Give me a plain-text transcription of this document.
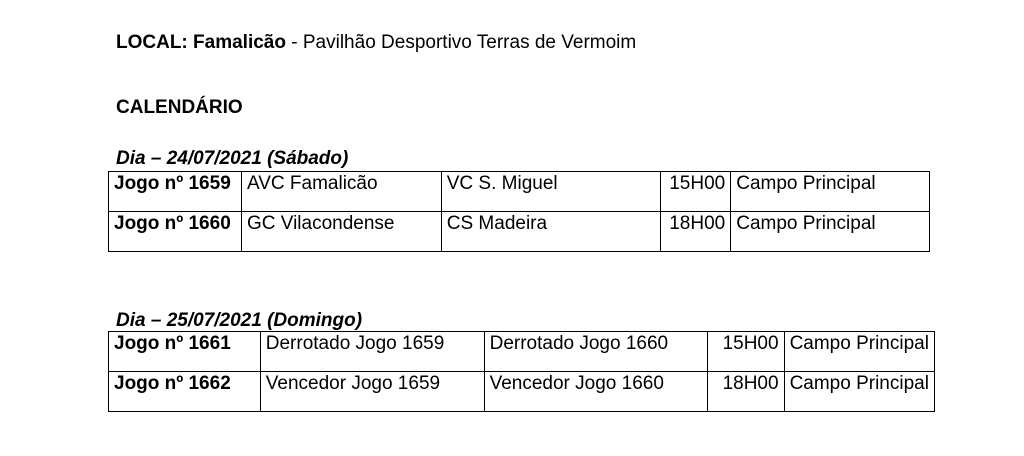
LOCAL: Famalicão - Pavilhão Desportivo Terras de Vermoim
CALENDÁRIO
Dia – 24/07/2021 (Sábado)
Jogo nº 1659	AVC Famalicão	VC S. Miguel	15H00	Campo Principal
Jogo nº 1660	GC Vilacondense	CS Madeira	18H00	Campo Principal
Dia – 25/07/2021 (Domingo)
Jogo nº 1661	Derrotado Jogo 1659	Derrotado Jogo 1660	15H00	Campo Principal
Jogo nº 1662	Vencedor Jogo 1659	Vencedor Jogo 1660	18H00	Campo Principal
